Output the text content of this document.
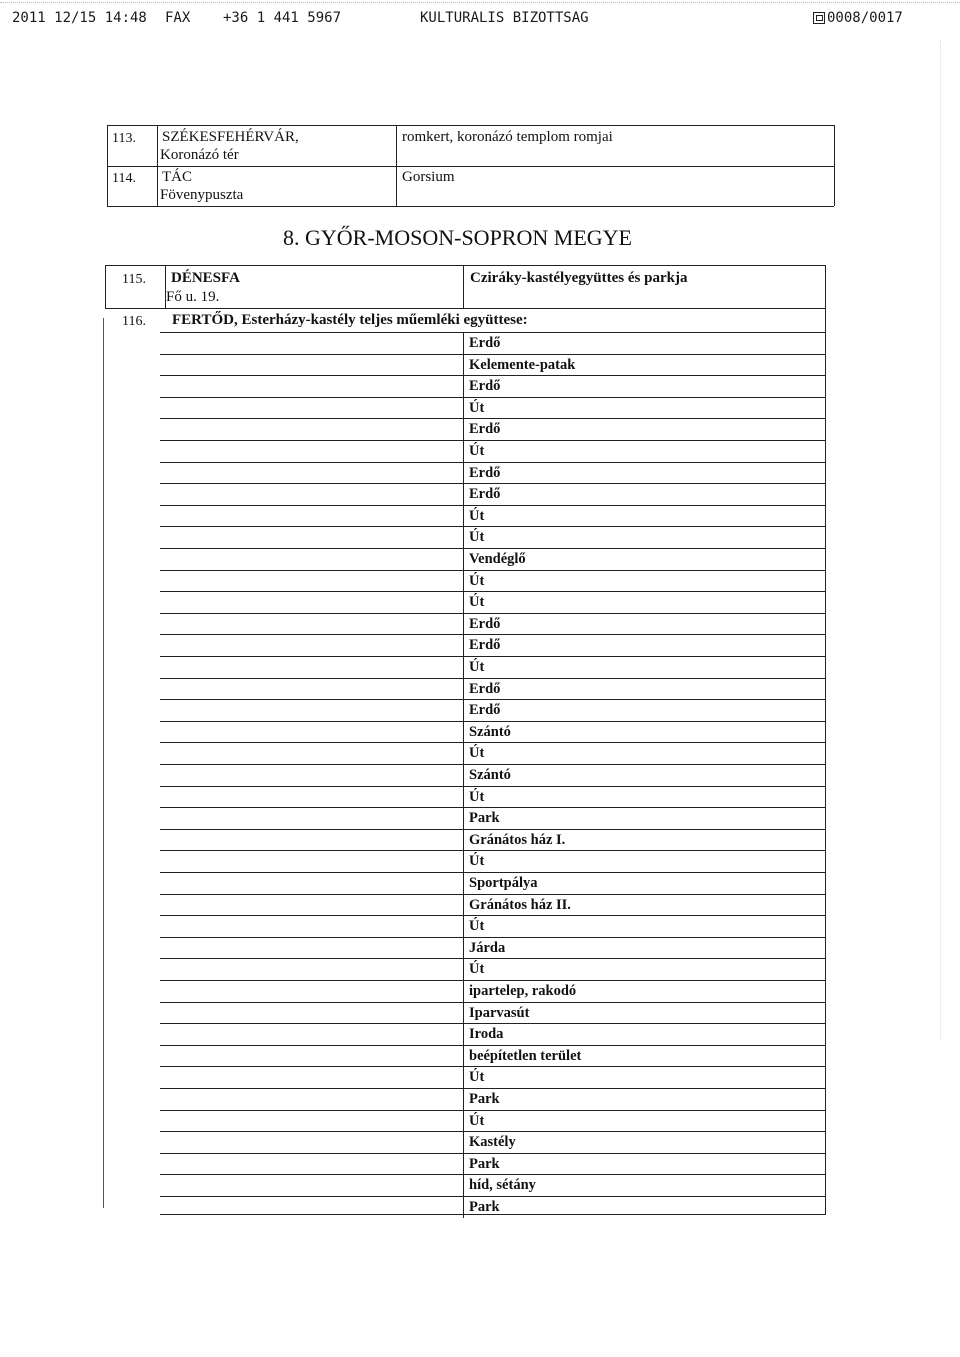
2011 12/15 14:48 FAX +36 1 441 5967	KULTURALIS BIZOTTSAG	0008/0017
113. SZÉKESFEHÉRVÁR,
Koronázó tér
romkert, koronázó templom romjai
114. TÁC
Fövenypuszta
Gorsium
8. GYŐR-MOSON-SOPRON MEGYE
115. DÉNESFA
Fő u. 19.
Cziráky-kastélyegyüttes és parkja
116. FERTŐD, Esterházy-kastély teljes műemléki együttese:
Erdő
Kelemente-patak
Erdő
Út
Erdő
Út
Erdő
Erdő
Út
Út
Vendéglő
Út
Út
Erdő
Erdő
Út
Erdő
Erdő
Szántó
Út
Szántó
Út
Park
Gránátos ház I.
Út
Sportpálya
Gránátos ház II.
Út
Járda
Út
ipartelep, rakodó
Iparvasút
Iroda
beépítetlen terület
Út
Park
Út
Kastély
Park
híd, sétány
Park
